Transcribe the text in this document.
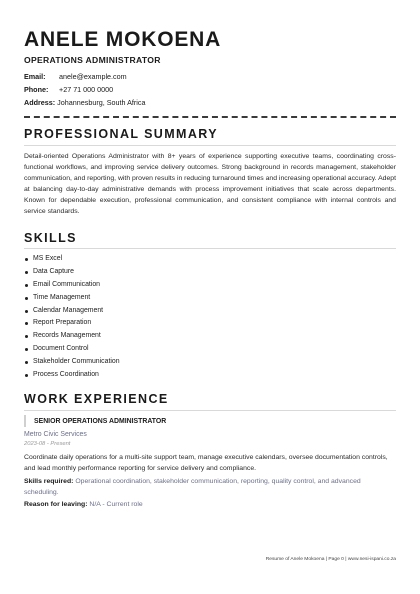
ANELE MOKOENA
OPERATIONS ADMINISTRATOR
Email: anele@example.com
Phone: +27 71 000 0000
Address: Johannesburg, South Africa
PROFESSIONAL SUMMARY

Detail-oriented Operations Administrator with 8+ years of experience supporting executive teams, coordinating cross-functional workflows, and improving service delivery outcomes. Strong background in records management, stakeholder communication, and reporting, with proven results in reducing turnaround times and increasing operational accuracy. Adept at balancing day-to-day administrative demands with process improvement initiatives that scale across departments. Known for dependable execution, professional communication, and consistent compliance with internal controls and service standards.

SKILLS
MS Excel
Data Capture
Email Communication
Time Management
Calendar Management
Report Preparation
Records Management
Document Control
Stakeholder Communication
Process Coordination
WORK EXPERIENCE
SENIOR OPERATIONS ADMINISTRATOR
Metro Civic Services
2023-08 - Present

Coordinate daily operations for a multi-site support team, manage executive calendars, oversee documentation controls, and lead monthly performance reporting for service delivery and compliance.

Skills required: Operational coordination, stakeholder communication, reporting, quality control, and advanced scheduling.
Reason for leaving: N/A - Current role
Resume of Anele Mokoena | Page 0 | www.nesi-ispani.co.za
